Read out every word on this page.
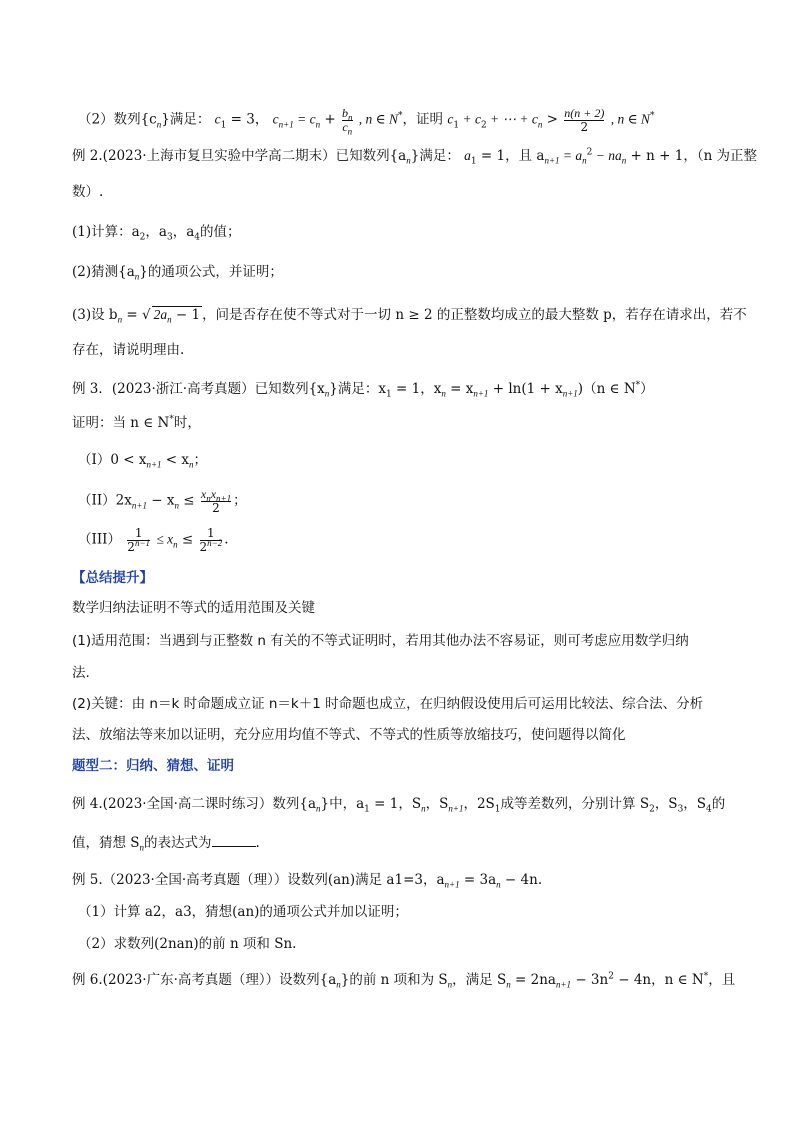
（2）数列$\{c_n\}$满足： $c_1 = 3$， $c_{n+1} = c_n + \frac{b_n}{c_n}$ , n ∈ N*，证明 $c_1 + c_2$ + ⋯ + $c_n > \frac{n(n + 2)}{2}$ , n ∈ N*
例 2.(2023·上海市复旦实验中学高二期末）已知数列$\{a_n\}$满足： $a_1 = 1$，且 $a_{n+1} = a_n^2 - na_n + n + 1$，（n 为正整
数）.
(1)计算：$a_2$，$a_3$，$a_4$的值；
(2)猜测$\{a_n\}$的通项公式，并证明；
(3)设 $b_n$ = √ $2a_n - 1$ ，问是否存在使不等式对于一切 n ≥ 2 的正整数均成立的最大整数 p，若存在请求出，若不
存在，请说明理由.
例 3．(2023·浙江·高考真题）已知数列$\{x_n\}$满足：$x_1 = 1$，$x_n = x_{n+1} + \ln(1 + x_{n+1})(n$ ∈ N*）
证明：当 n ∈ N*时，
$(I)0 < x_{n+1} < x_n$；
$(II)2x_{n+1} - x_n \le \frac{x_nx_{n+1}}{2}$ ；
$(III) \frac{1}{2^{n-1}} \le x_n \le \frac{1}{2^{n-2}}$ .
【总结提升】
数学归纳法证明不等式的适用范围及关键
(1)适用范围：当遇到与正整数 n 有关的不等式证明时，若用其他办法不容易证，则可考虑应用数学归纳
法.
(2)关键：由 n＝k 时命题成立证 n＝k＋1 时命题也成立，在归纳假设使用后可运用比较法、综合法、分析
法、放缩法等来加以证明，充分应用均值不等式、不等式的性质等放缩技巧，使问题得以简化
题型二：归纳、猜想、证明
例 4.(2023·全国·高二课时练习）数列$\{a_n\}$中，$a_1 = 1$，$S_n$，$S_{n+1}$，$2S_1$成等差数列，分别计算 $S_2$，$S_3$，$S_4$的
值，猜想 $S_n$的表达式为	.
例 5.（2023·全国·高考真题（理））设数列(an)满足 a1=3，$a_{n+1} = 3a_n - 4n$.
（1）计算 a2，a3，猜想(an)的通项公式并加以证明；
（2）求数列(2nan)的前 n 项和 Sn.
例 6.(2023·广东·高考真题（理））设数列$\{a_n\}$的前 n 项和为 $S_n$，满足 $S_n = 2na_{n+1} - 3n^2 - 4n$，n ∈ N*，且
